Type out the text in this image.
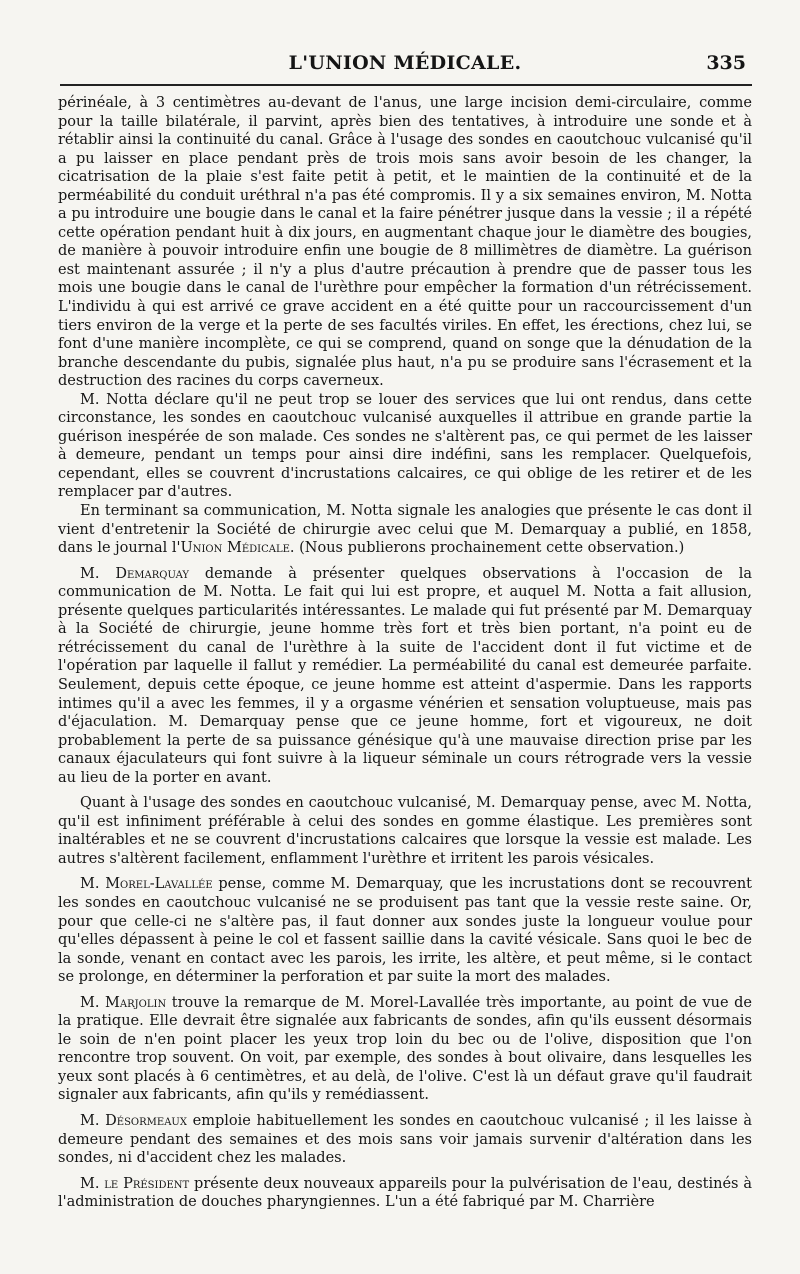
L'UNION MÉDICALE.	335

périnéale, à 3 centimètres au-devant de l'anus, une large incision demi-circulaire, comme pour la taille bilatérale, il parvint, après bien des tentatives, à introduire une sonde et à rétablir ainsi la continuité du canal. Grâce à l'usage des sondes en caoutchouc vulcanisé qu'il a pu laisser en place pendant près de trois mois sans avoir besoin de les changer, la cicatrisation de la plaie s'est faite petit à petit, et le maintien de la continuité et de la perméabilité du conduit uréthral n'a pas été compromis. Il y a six semaines environ, M. Notta a pu introduire une bougie dans le canal et la faire pénétrer jusque dans la vessie ; il a répété cette opération pendant huit à dix jours, en augmentant chaque jour le diamètre des bougies, de manière à pouvoir introduire enfin une bougie de 8 millimètres de diamètre. La guérison est maintenant assurée ; il n'y a plus d'autre précaution à prendre que de passer tous les mois une bougie dans le canal de l'urèthre pour empêcher la formation d'un rétrécissement. L'individu à qui est arrivé ce grave accident en a été quitte pour un raccourcissement d'un tiers environ de la verge et la perte de ses facultés viriles. En effet, les érections, chez lui, se font d'une manière incomplète, ce qui se comprend, quand on songe que la dénudation de la branche descendante du pubis, signalée plus haut, n'a pu se produire sans l'écrasement et la destruction des racines du corps caverneux.

M. Notta déclare qu'il ne peut trop se louer des services que lui ont rendus, dans cette circonstance, les sondes en caoutchouc vulcanisé auxquelles il attribue en grande partie la guérison inespérée de son malade. Ces sondes ne s'altèrent pas, ce qui permet de les laisser à demeure, pendant un temps pour ainsi dire indéfini, sans les remplacer. Quelquefois, cependant, elles se couvrent d'incrustations calcaires, ce qui oblige de les retirer et de les remplacer par d'autres.

En terminant sa communication, M. Notta signale les analogies que présente le cas dont il vient d'entretenir la Société de chirurgie avec celui que M. Demarquay a publié, en 1858, dans le journal l'Union Médicale. (Nous publierons prochainement cette observation.)

M. Demarquay demande à présenter quelques observations à l'occasion de la communication de M. Notta. Le fait qui lui est propre, et auquel M. Notta a fait allusion, présente quelques particularités intéressantes. Le malade qui fut présenté par M. Demarquay à la Société de chirurgie, jeune homme très fort et très bien portant, n'a point eu de rétrécissement du canal de l'urèthre à la suite de l'accident dont il fut victime et de l'opération par laquelle il fallut y remédier. La perméabilité du canal est demeurée parfaite. Seulement, depuis cette époque, ce jeune homme est atteint d'aspermie. Dans les rapports intimes qu'il a avec les femmes, il y a orgasme vénérien et sensation voluptueuse, mais pas d'éjaculation. M. Demarquay pense que ce jeune homme, fort et vigoureux, ne doit probablement la perte de sa puissance génésique qu'à une mauvaise direction prise par les canaux éjaculateurs qui font suivre à la liqueur séminale un cours rétrograde vers la vessie au lieu de la porter en avant.

Quant à l'usage des sondes en caoutchouc vulcanisé, M. Demarquay pense, avec M. Notta, qu'il est infiniment préférable à celui des sondes en gomme élastique. Les premières sont inaltérables et ne se couvrent d'incrustations calcaires que lorsque la vessie est malade. Les autres s'altèrent facilement, enflamment l'urèthre et irritent les parois vésicales.

M. Morel-Lavallée pense, comme M. Demarquay, que les incrustations dont se recouvrent les sondes en caoutchouc vulcanisé ne se produisent pas tant que la vessie reste saine. Or, pour que celle-ci ne s'altère pas, il faut donner aux sondes juste la longueur voulue pour qu'elles dépassent à peine le col et fassent saillie dans la cavité vésicale. Sans quoi le bec de la sonde, venant en contact avec les parois, les irrite, les altère, et peut même, si le contact se prolonge, en déterminer la perforation et par suite la mort des malades.

M. Marjolin trouve la remarque de M. Morel-Lavallée très importante, au point de vue de la pratique. Elle devrait être signalée aux fabricants de sondes, afin qu'ils eussent désormais le soin de n'en point placer les yeux trop loin du bec ou de l'olive, disposition que l'on rencontre trop souvent. On voit, par exemple, des sondes à bout olivaire, dans lesquelles les yeux sont placés à 6 centimètres, et au delà, de l'olive. C'est là un défaut grave qu'il faudrait signaler aux fabricants, afin qu'ils y remédiassent.

M. Désormeaux emploie habituellement les sondes en caoutchouc vulcanisé ; il les laisse à demeure pendant des semaines et des mois sans voir jamais survenir d'altération dans les sondes, ni d'accident chez les malades.

M. le Président présente deux nouveaux appareils pour la pulvérisation de l'eau, destinés à l'administration de douches pharyngiennes. L'un a été fabriqué par M. Charrière
